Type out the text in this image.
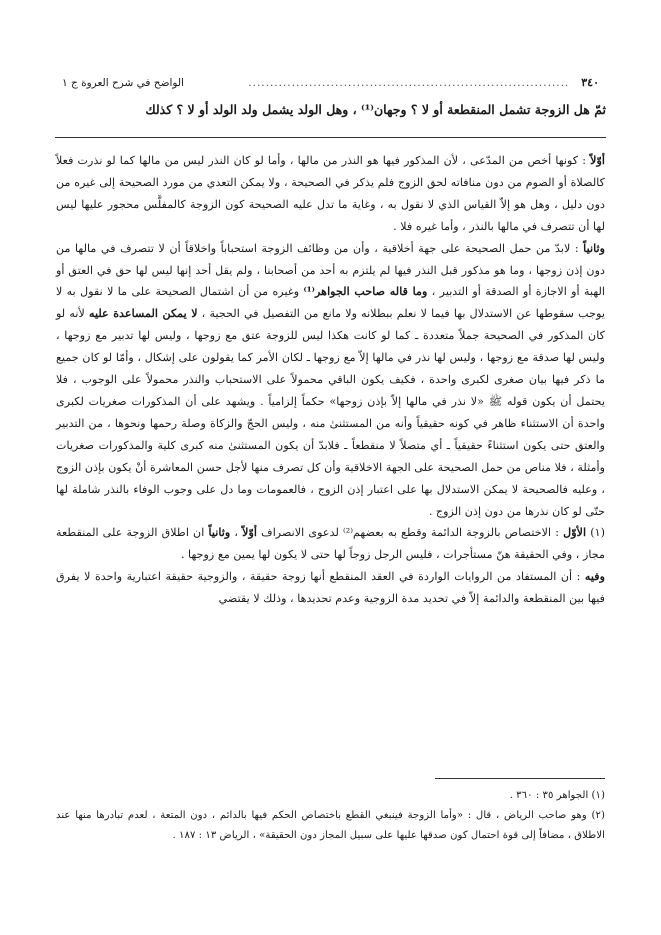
٣٤٠
..........................................................................
الواضح في شرح العروة ج ١
ثمّ هل الزوجة تشمل المنقطعة أو لا ؟ وجهان⁽¹⁾ ، وهل الولد يشمل ولد الولد أو لا ؟ كذلك

أوّلاً : كونها أخص من المدّعى ، لأن المذكور فيها هو النذر من مالها ، وأما لو كان النذر ليس من مالها كما لو نذرت فعلاً كالصلاة أو الصوم من دون منافاته لحق الزوج فلم يذكر في الصحيحة ، ولا يمكن التعدي من مورد الصحيحة إلى غيره من دون دليل ، وهل هو إلاّ القياس الذي لا نقول به ، وغاية ما تدل عليه الصحيحة كون الزوجة كالمفلَّس محجور عليها ليس لها أن تتصرف في مالها بالنذر ، وأما غيره فلا .

وثانياً : لابدّ من حمل الصحيحة على جهة أخلاقية ، وأن من وظائف الزوجة استحباباً واخلاقاً أن لا تتصرف في مالها من دون إذن زوجها ، وما هو مذكور قبل النذر فيها لم يلتزم به أحد من أصحابنا ، ولم يقل أحد إنها ليس لها حق في العتق أو الهبة أو الاجازة أو الصدقة أو التدبير ، وما قاله صاحب الجواهر⁽¹⁾ وغيره من أن اشتمال الصحيحة على ما لا نقول به لا يوجب سقوطها عن الاستدلال بها فيما لا نعلم ببطلانه ولا مانع من التفصيل في الحجية ، لا يمكن المساعدة عليه لأنه لو كان المذكور في الصحيحة جملاً متعددة ـ كما لو كانت هكذا ليس للزوجة عتق مع زوجها ، وليس لها تدبير مع زوجها ، وليس لها صدقة مع زوجها ، وليس لها نذر في مالها إلاّ مع زوجها ـ لكان الأمر كما يقولون على إشكال ، وأمّا لو كان جميع ما ذكر فيها بيان صغرى لكبرى واحدة ، فكيف يكون الباقي محمولاً على الاستحباب والنذر محمولاً على الوجوب ، فلا يحتمل أن يكون قوله ﷺ «لا نذر في مالها إلاّ بإذن زوجها» حكماً إلزامياً . ويشهد على أن المذكورات صغريات لكبرى واحدة أن الاستثناء ظاهر في كونه حقيقياً وأنه من المستثنىٰ منه ، وليس الحجّ والزكاة وصلة رحمها ونحوها ، من التدبير والعتق حتى يكون استثناءً حقيقياً ـ أي متصلاً لا منقطعاً ـ فلابدّ أن يكون المستثنىٰ منه كبرى كلية والمذكورات صغريات وأمثلة ، فلا مناص من حمل الصحيحة على الجهة الاخلاقية وأن كل تصرف منها لأجل حسن المعاشرة أنْ يكون بإذن الزوج ، وعليه فالصحيحة لا يمكن الاستدلال بها على اعتبار إذن الزوج ، فالعمومات وما دل على وجوب الوفاء بالنذر شاملة لها حتّى لو كان نذرها من دون إذن الزوج .

(١) الأوّل : الاختصاص بالزوجة الدائمة وقطع به بعضهم⁽²⁾ لدعوى الانصراف أوّلاً ، وثانياً ان اطلاق الزوجة على المنقطعة مجاز ، وفي الحقيقة هنّ مستأجرات ، فليس الرجل زوجاً لها حتى لا يكون لها يمين مع زوجها .

وفيه : أن المستفاد من الروايات الواردة في العقد المنقطع أنها زوجة حقيقة ، والزوجية حقيقة اعتبارية واحدة لا يفرق فيها بين المنقطعة والدائمة إلاّ في تحديد مدة الزوجية وعدم تحديدها ، وذلك لا يقتضي

(١) الجواهر ٣٥ : ٣٦٠ .

(٢) وهو صاحب الرياض ، قال : «وأما الزوجة فينبغي القطع باختصاص الحكم فيها بالدائم ، دون المتعة ، لعدم تبادرها منها عند الاطلاق ، مضافاً إلى قوة احتمال كون صدقها عليها على سبيل المجاز دون الحقيقة» ، الرياض ١٣ : ١٨٧ .
